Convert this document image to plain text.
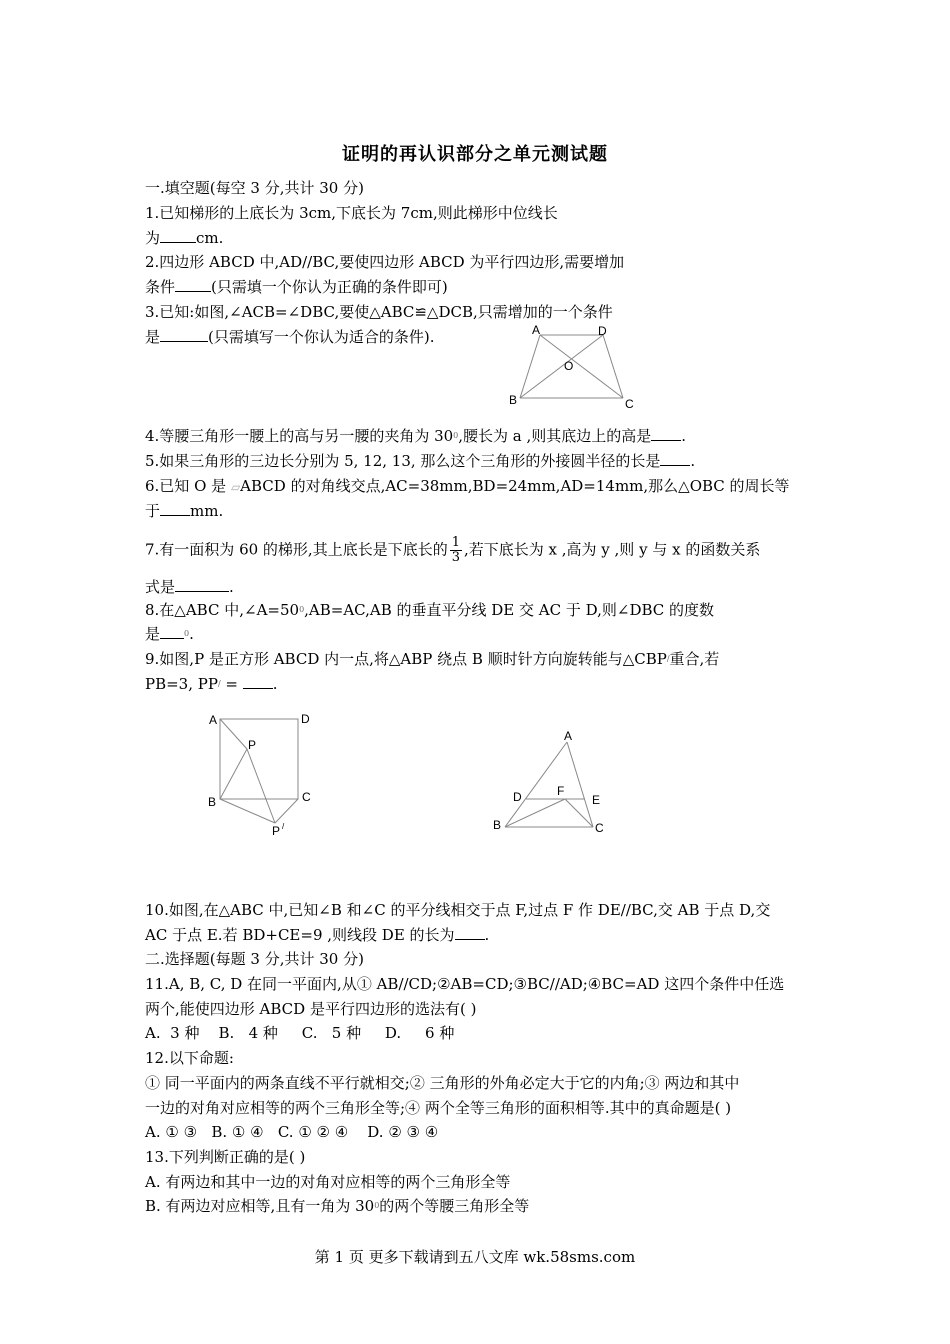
证明的再认识部分之单元测试题
一.填空题(每空 3 分,共计 30 分)
1.已知梯形的上底长为 3cm,下底长为 7cm,则此梯形中位线长
为 cm.
2.四边形 ABCD 中,AD//BC,要使四边形 ABCD 为平行四边形,需要增加
条件 (只需填一个你认为正确的条件即可)
3.已知:如图,∠ACB=∠DBC,要使△ABC≌△DCB,只需增加的一个条件
是	(只需填写一个你认为适合的条件).	A	D
O
B	C
4.等腰三角形一腰上的高与另一腰的夹角为 $30^0$,腰长为 a ,则其底边上的高是 .
5.如果三角形的三边长分别为 5, 12, 13, 那么这个三角形的外接圆半径的长是 .
6.已知 O 是 ▱ABCD 的对角线交点,AC=38mm,BD=24mm,AD=14mm,那么△OBC 的周长等
于 mm.
7.有一面积为 60 的梯形,其上底长是下底长的 $\frac{1}{3}$ ,若下底长为 x ,高为 y ,则 y 与 x 的函数关系
式是	.
8.在△ABC 中$,\angle A=50^0,AB=AC,AB$ 的垂直平分线 DE 交 AC 于 D,则∠DBC 的度数
是	$^0$.
9.如图,P 是正方形 ABCD 内一点,将△ABP 绕点 B 顺时针方向旋转能与△CBP/重合,若
PB=3, PP/ = .
A	D
P
B	C
P /
A
D	F
E
B	C
10.如图,在△ABC 中,已知∠B 和∠C 的平分线相交于点 F,过点 F 作 DE//BC,交 AB 于点 D,交
AC 于点 E.若 BD+CE=9 ,则线段 DE 的长为 .
二.选择题(每题 3 分,共计 30 分)
11.A, B, C, D 在同一平面内,从① AB//CD;②AB=CD;③BC//AD;④BC=AD 这四个条件中任选
两个,能使四边形 ABCD 是平行四边形的选法有( )
A.  3 种    B.   4 种     C.   5 种     D.     6 种
12.以下命题:
① 同一平面内的两条直线不平行就相交;② 三角形的外角必定大于它的内角;③ 两边和其中
一边的对角对应相等的两个三角形全等;④ 两个全等三角形的面积相等.其中的真命题是( )
A. ① ③   B. ① ④   C. ① ② ④    D. ② ③ ④
13.下列判断正确的是( )
A. 有两边和其中一边的对角对应相等的两个三角形全等
B. 有两边对应相等,且有一角为 $30^0$的两个等腰三角形全等
第 1 页 更多下载请到五八文库 wk.58sms.com
